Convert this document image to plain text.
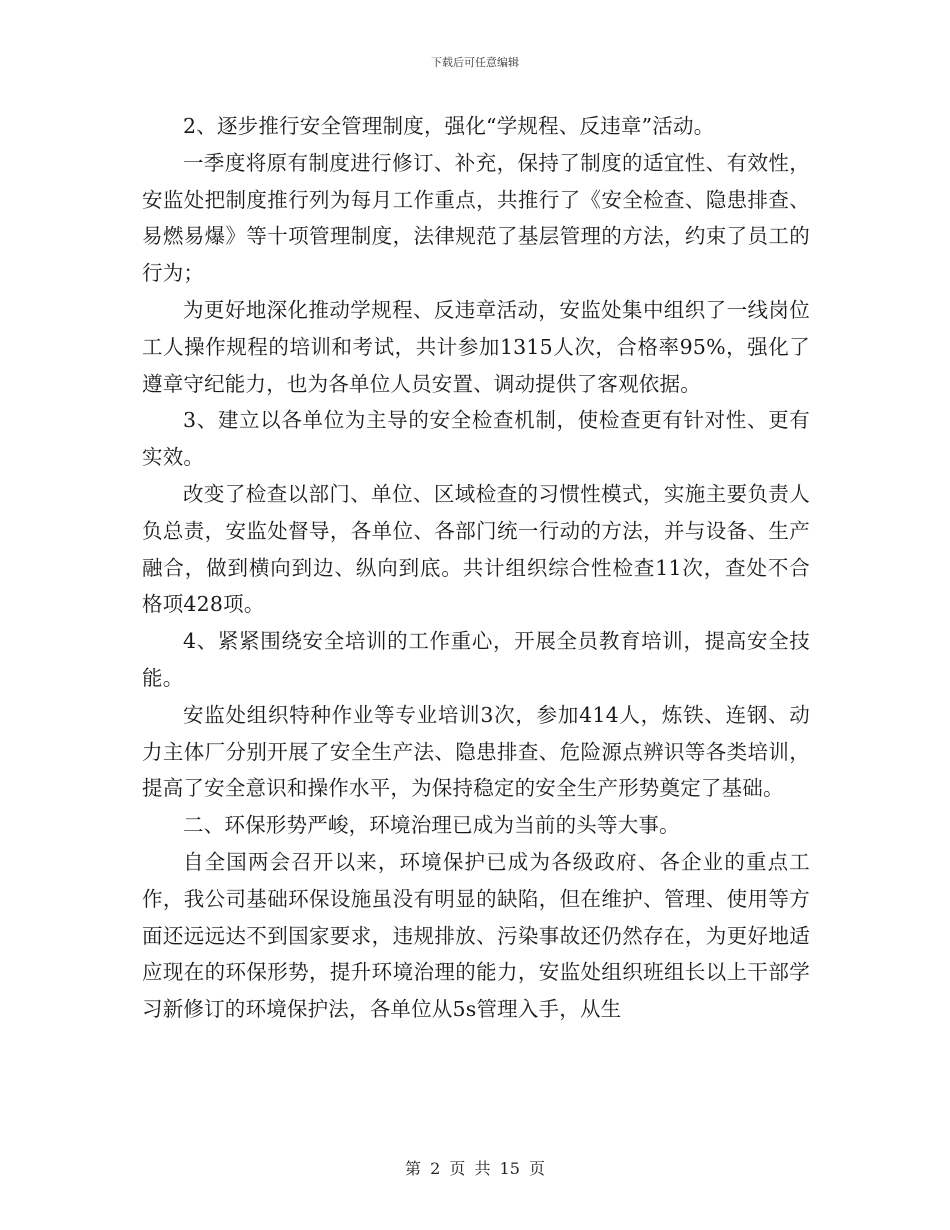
下载后可任意编辑

2、逐步推行安全管理制度，强化“学规程、反违章”活动。

一季度将原有制度进行修订、补充，保持了制度的适宜性、有效性，安监处把制度推行列为每月工作重点，共推行了《安全检查、隐患排查、易燃易爆》等十项管理制度，法律规范了基层管理的方法，约束了员工的行为；

为更好地深化推动学规程、反违章活动，安监处集中组织了一线岗位工人操作规程的培训和考试，共计参加1315人次，合格率95%，强化了遵章守纪能力，也为各单位人员安置、调动提供了客观依据。

3、建立以各单位为主导的安全检查机制，使检查更有针对性、更有实效。

改变了检查以部门、单位、区域检查的习惯性模式，实施主要负责人负总责，安监处督导，各单位、各部门统一行动的方法，并与设备、生产融合，做到横向到边、纵向到底。共计组织综合性检查11次，查处不合格项428项。

4、紧紧围绕安全培训的工作重心，开展全员教育培训，提高安全技能。

安监处组织特种作业等专业培训3次，参加414人，炼铁、连钢、动力主体厂分别开展了安全生产法、隐患排查、危险源点辨识等各类培训，提高了安全意识和操作水平，为保持稳定的安全生产形势奠定了基础。

二、环保形势严峻，环境治理已成为当前的头等大事。

自全国两会召开以来，环境保护已成为各级政府、各企业的重点工作，我公司基础环保设施虽没有明显的缺陷，但在维护、管理、使用等方面还远远达不到国家要求，违规排放、污染事故还仍然存在，为更好地适应现在的环保形势，提升环境治理的能力，安监处组织班组长以上干部学习新修订的环境保护法，各单位从5s管理入手，从生

第 2 页 共 15 页
